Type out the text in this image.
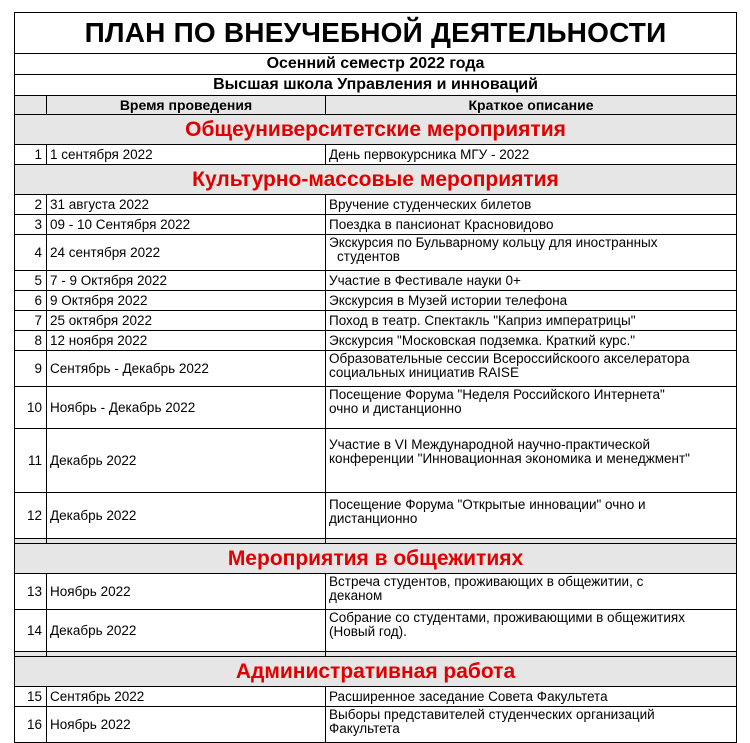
ПЛАН ПО ВНЕУЧЕБНОЙ ДЕЯТЕЛЬНОСТИ		
Осенний семестр 2022 года		
Высшая школа Управления и инноваций		
	Время проведения	Краткое описание
Общеуниверситетские мероприятия		
1	1 сентября 2022	День первокурсника МГУ - 2022
Культурно-массовые мероприятия		
2	31 августа 2022	Вручение студенческих билетов
3	09 - 10 Сентября 2022	Поездка в пансионат Красновидово
4	24 сентября 2022	Экскурсия по Бульварному кольцу для иностранных
студентов
5	7 - 9 Октября 2022	Участие в Фестивале науки 0+
6	9 Октября 2022	Экскурсия в Музей истории телефона
7	25 октября 2022	Поход в театр. Спектакль "Каприз императрицы"
8	12 ноября 2022	Экскурсия "Московская подземка. Краткий курс."
9	Сентябрь - Декабрь 2022	Образовательные сессии Всероссийскоого акселератора
социальных инициатив RAISE
10	Ноябрь - Декабрь 2022	Посещение Форума "Неделя Российского Интернета"
очно и дистанционно
11	Декабрь 2022	Участие в VI Международной научно-практической
конференции "Инновационная экономика и менеджмент"
12	Декабрь 2022	Посещение Форума "Открытые инновации" очно и
дистанционно

Мероприятия в общежитиях		
13	Ноябрь 2022	Встреча студентов, проживающих в общежитии, с
деканом
14	Декабрь 2022	Собрание со студентами, проживающими в общежитиях
(Новый год).

Административная работа		
15	Сентябрь 2022	Расширенное заседание Совета Факультета
16	Ноябрь 2022	Выборы представителей студенческих организаций
Факультета
